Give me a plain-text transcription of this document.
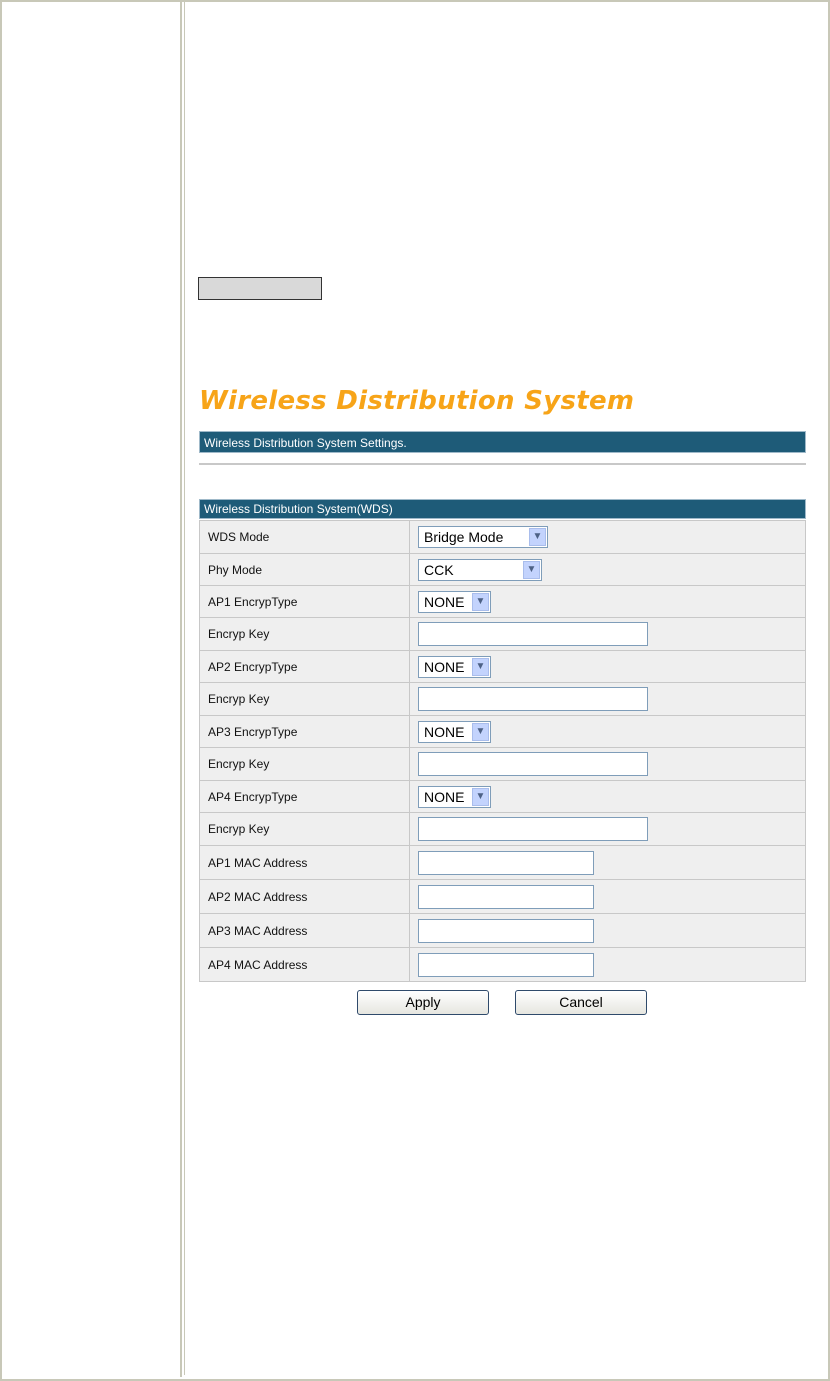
Wireless Distribution System
Wireless Distribution System Settings.
Wireless Distribution System(WDS)
WDS Mode	Bridge Mode ▼

Phy Mode	CCK ▼

AP1 EncrypType	NONE ▼

Encryp Key	
AP2 EncrypType	NONE ▼

Encryp Key	
AP3 EncrypType	NONE ▼

Encryp Key	
AP4 EncrypType	NONE ▼

Encryp Key	
AP1 MAC Address	
AP2 MAC Address	
AP3 MAC Address	
AP4 MAC Address	
Apply	Cancel
